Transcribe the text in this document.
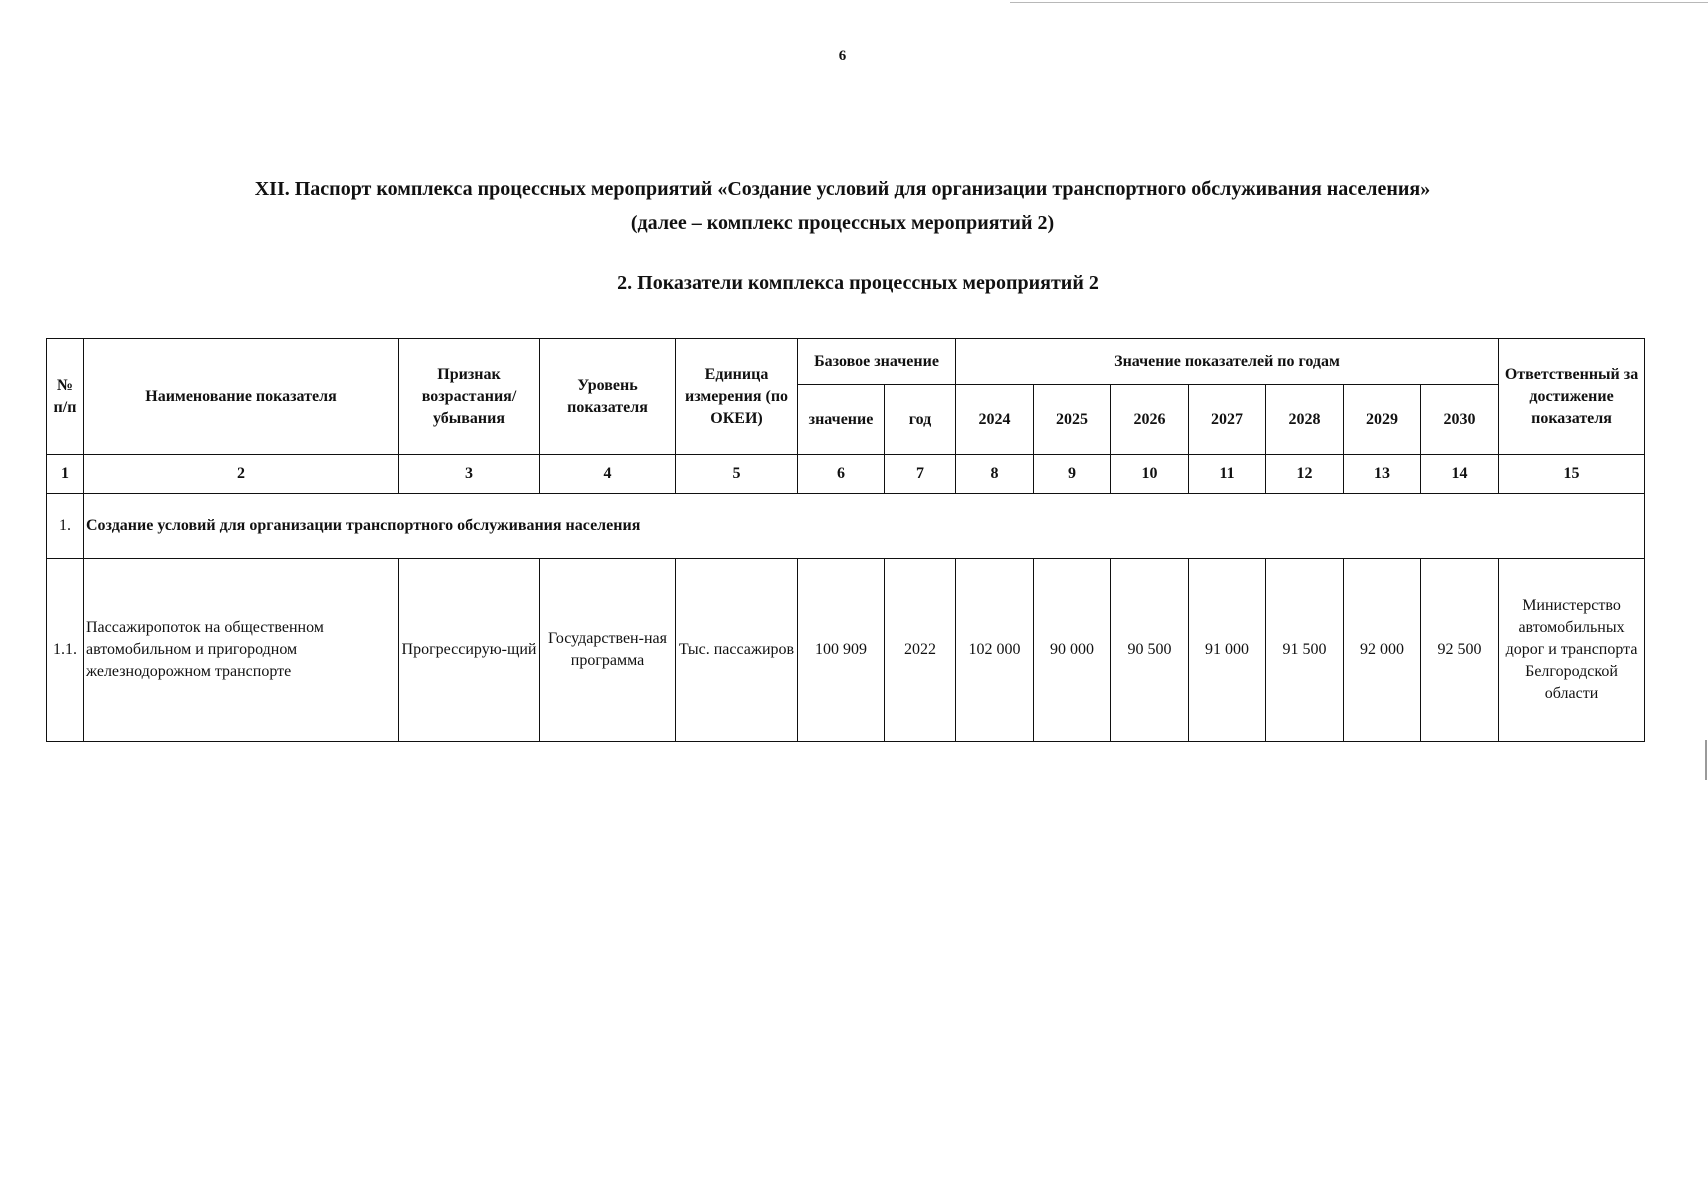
6
XII. Паспорт комплекса процессных мероприятий «Создание условий для организации транспортного обслуживания населения»
(далее – комплекс процессных мероприятий 2)
2. Показатели комплекса процессных мероприятий 2
№ п/п	Наименование показателя	Признак возрастания/ убывания	Уровень показателя	Единица измерения (по ОКЕИ)	Базовое значение		Значение показателей по годам							Ответственный за достижение показателя
					значение	год	2024	2025	2026	2027	2028	2029	2030	
1	2	3	4	5	6	7	8	9	10	11	12	13	14	15
1.	Создание условий для организации транспортного обслуживания населения													
1.1.	Пассажиропоток на общественном автомобильном и пригородном железнодорожном транспорте	Прогрессирую-щий	Государствен-ная программа	Тыс. пассажиров	100 909	2022	102 000	90 000	90 500	91 000	91 500	92 000	92 500	Министерство автомобильных дорог и транспорта Белгородской области
